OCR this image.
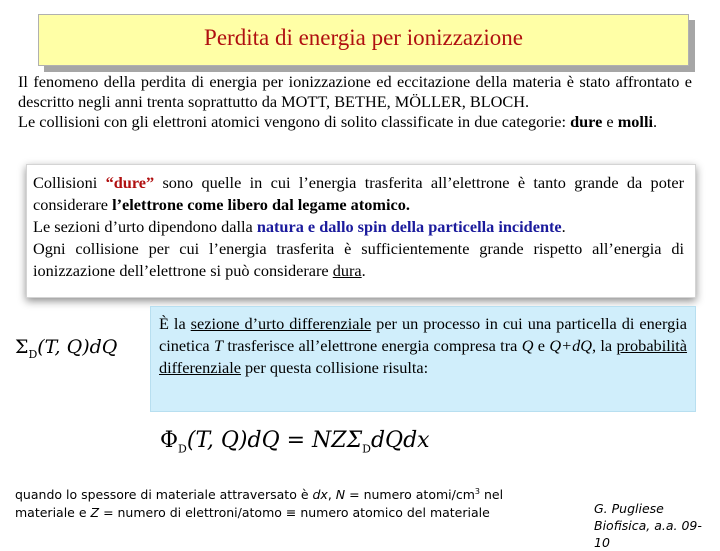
Perdita di energia per ionizzazione
Il fenomeno della perdita di energia per ionizzazione ed eccitazione della materia è stato affrontato e descritto negli anni trenta soprattutto da MOTT, BETHE, MÖLLER, BLOCH.
Le collisioni con gli elettroni atomici vengono di solito classificate in due categorie: dure e molli.
Collisioni “dure” sono quelle in cui l’energia trasferita all’elettrone è tanto grande da poter considerare l’elettrone come libero dal legame atomico.
Le sezioni d’urto dipendono dalla natura e dallo spin della particella incidente.
Ogni collisione per cui l’energia trasferita è sufficientemente grande rispetto all’energia di ionizzazione dell’elettrone si può considerare dura.
$\Sigma_D(T$, Q)dQ
È la sezione d’urto differenziale per un processo in cui una particella di energia cinetica T trasferisce all’elettrone energia compresa tra Q e Q+dQ, la probabilità differenziale per questa collisione risulta:
$\Phi_D(T$, $Q)dQ = NZ\Sigma_DdQdx$
quando lo spessore di materiale attraversato è dx, N = numero atomi/$cm^3$ nel materiale e Z = numero di elettroni/atomo ≡ numero atomico del materiale	G. Pugliese
Biofisica, a.a. 09-10
